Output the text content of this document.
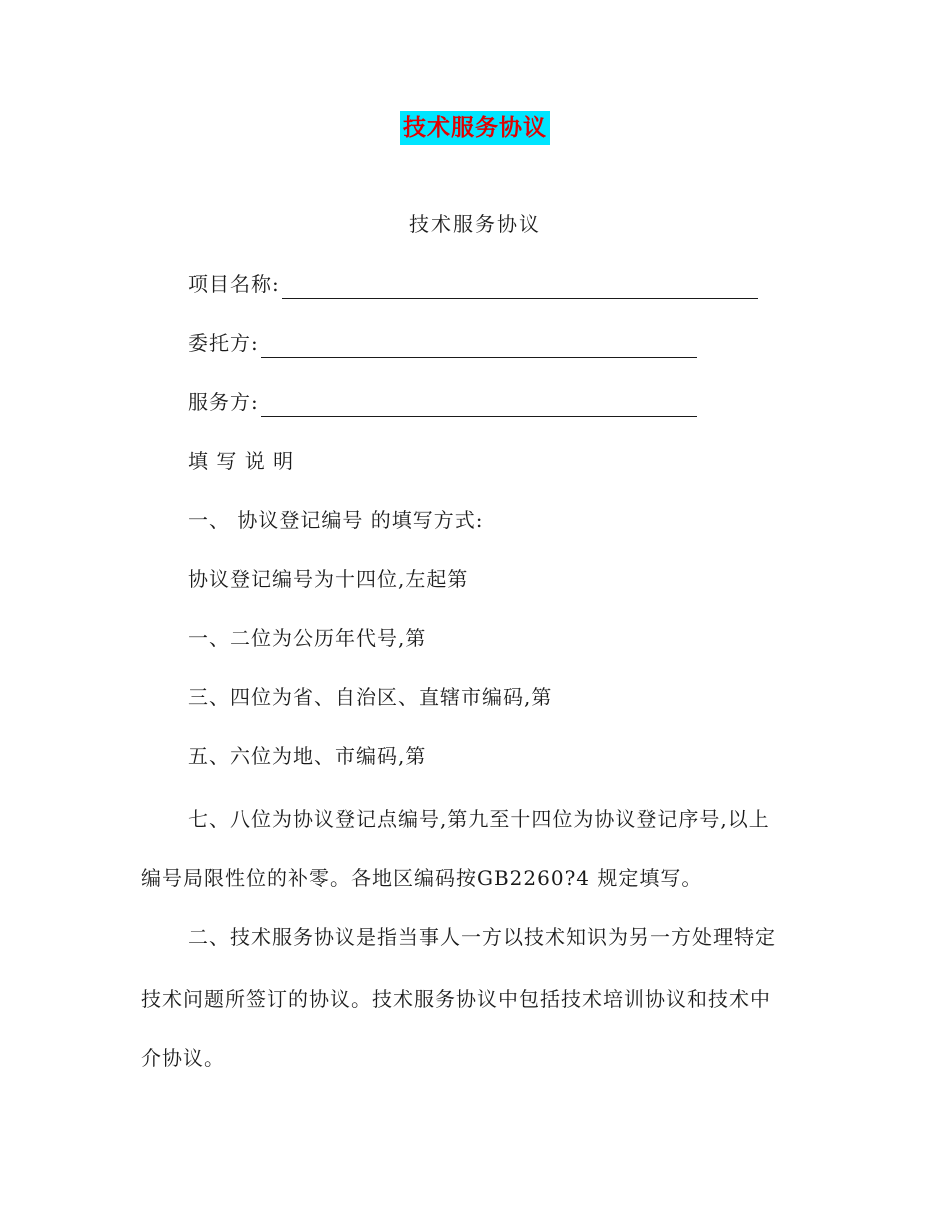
技术服务协议
技术服务协议
项目名称:
委托方:
服务方:
填 写 说 明
一、 协议登记编号 的填写方式:
协议登记编号为十四位,左起第
一、二位为公历年代号,第
三、四位为省、自治区、直辖市编码,第
五、六位为地、市编码,第
七、八位为协议登记点编号,第九至十四位为协议登记序号,以上
编号局限性位的补零。各地区编码按GB2260?4 规定填写。
二、技术服务协议是指当事人一方以技术知识为另一方处理特定
技术问题所签订的协议。技术服务协议中包括技术培训协议和技术中
介协议。
